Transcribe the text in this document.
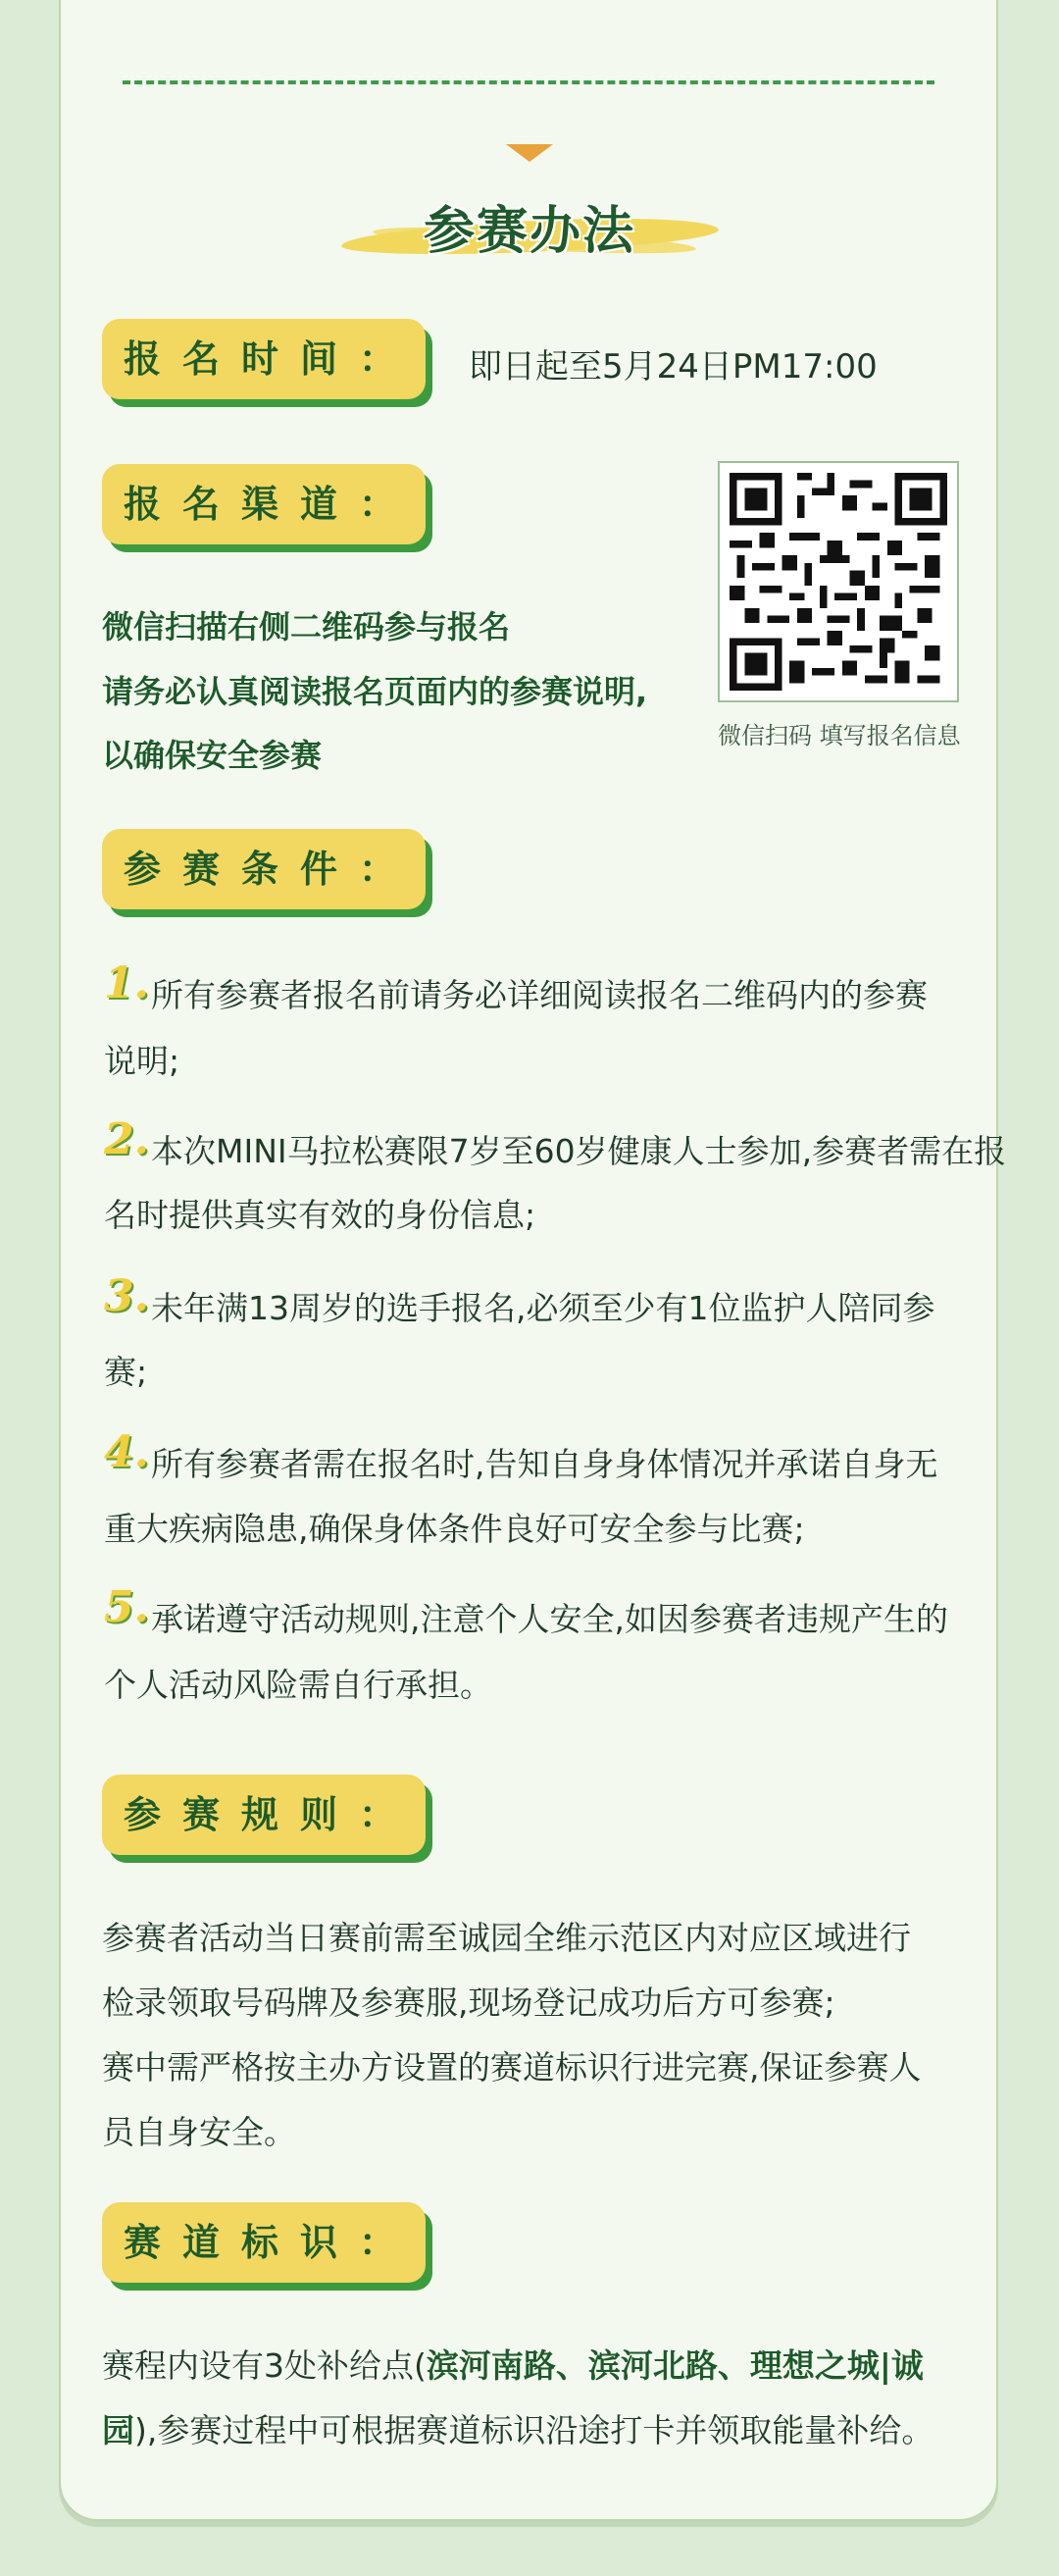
参赛办法
报名时间： 即日起至5月24日PM17:00
报名渠道：
微信扫描右侧二维码参与报名
请务必认真阅读报名页面内的参赛说明,
以确保安全参赛
微信扫码 填写报名信息
参赛条件：
1. 所有参赛者报名前请务必详细阅读报名二维码内的参赛
说明;
2. 本次MINI马拉松赛限7岁至60岁健康人士参加,参赛者需在报
名时提供真实有效的身份信息;
3. 未年满13周岁的选手报名,必须至少有1位监护人陪同参
赛;
4. 所有参赛者需在报名时,告知自身身体情况并承诺自身无
重大疾病隐患,确保身体条件良好可安全参与比赛;
5. 承诺遵守活动规则,注意个人安全,如因参赛者违规产生的
个人活动风险需自行承担。
参赛规则：
参赛者活动当日赛前需至诚园全维示范区内对应区域进行
检录领取号码牌及参赛服,现场登记成功后方可参赛;
赛中需严格按主办方设置的赛道标识行进完赛,保证参赛人
员自身安全。
赛道标识：
赛程内设有3处补给点(滨河南路、滨河北路、理想之城|诚
园),参赛过程中可根据赛道标识沿途打卡并领取能量补给。
